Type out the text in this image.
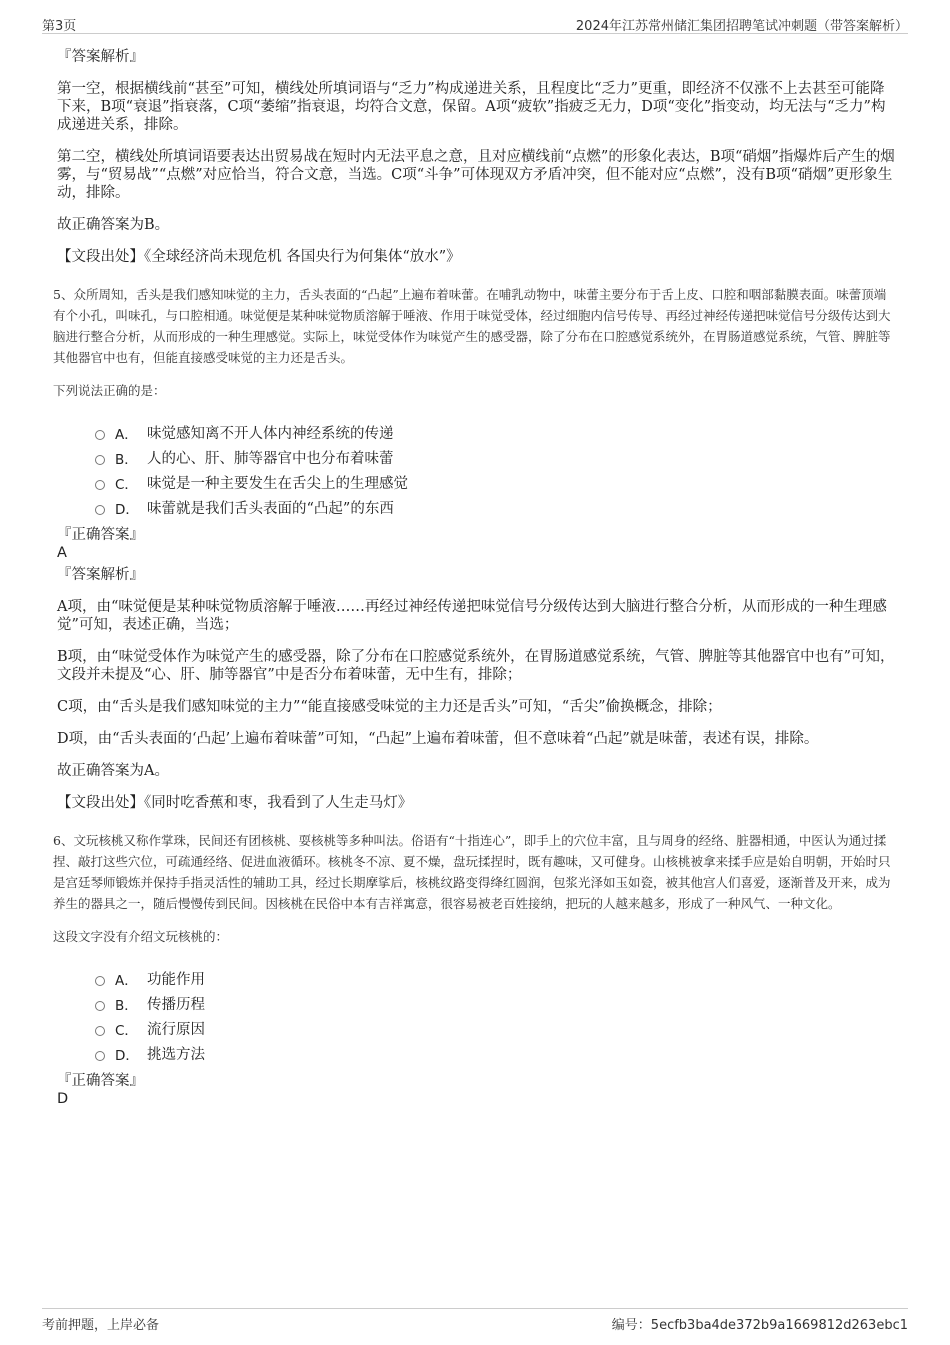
第3页	2024年江苏常州储汇集团招聘笔试冲刺题（带答案解析）

『答案解析』

第一空，根据横线前“甚至”可知，横线处所填词语与“乏力”构成递进关系，且程度比“乏力”更重，即经济不仅涨不上去甚至可能降下来，B项“衰退”指衰落，C项“萎缩”指衰退，均符合文意，保留。A项“疲软”指疲乏无力，D项“变化”指变动，均无法与“乏力”构成递进关系，排除。

第二空，横线处所填词语要表达出贸易战在短时内无法平息之意，且对应横线前“点燃”的形象化表达，B项“硝烟”指爆炸后产生的烟雾，与“贸易战”“点燃”对应恰当，符合文意，当选。C项“斗争”可体现双方矛盾冲突，但不能对应“点燃”，没有B项“硝烟”更形象生动，排除。

故正确答案为B。

【文段出处】《全球经济尚未现危机 各国央行为何集体“放水”》

5、众所周知，舌头是我们感知味觉的主力，舌头表面的“凸起”上遍布着味蕾。在哺乳动物中，味蕾主要分布于舌上皮、口腔和咽部黏膜表面。味蕾顶端有个小孔，叫味孔，与口腔相通。味觉便是某种味觉物质溶解于唾液、作用于味觉受体，经过细胞内信号传导、再经过神经传递把味觉信号分级传达到大脑进行整合分析，从而形成的一种生理感觉。实际上，味觉受体作为味觉产生的感受器，除了分布在口腔感觉系统外，在胃肠道感觉系统，气管、脾脏等其他器官中也有，但能直接感受味觉的主力还是舌头。

下列说法正确的是：

A． 味觉感知离不开人体内神经系统的传递
B． 人的心、肝、肺等器官中也分布着味蕾
C． 味觉是一种主要发生在舌尖上的生理感觉
D． 味蕾就是我们舌头表面的“凸起”的东西

『正确答案』

A

『答案解析』

A项，由“味觉便是某种味觉物质溶解于唾液……再经过神经传递把味觉信号分级传达到大脑进行整合分析，从而形成的一种生理感觉”可知，表述正确，当选；

B项，由“味觉受体作为味觉产生的感受器，除了分布在口腔感觉系统外，在胃肠道感觉系统，气管、脾脏等其他器官中也有”可知，文段并未提及“心、肝、肺等器官”中是否分布着味蕾，无中生有，排除；

C项，由“舌头是我们感知味觉的主力”“能直接感受味觉的主力还是舌头”可知，“舌尖”偷换概念，排除；

D项，由“舌头表面的‘凸起’上遍布着味蕾”可知，“凸起”上遍布着味蕾，但不意味着“凸起”就是味蕾，表述有误，排除。

故正确答案为A。

【文段出处】《同时吃香蕉和枣，我看到了人生走马灯》

6、文玩核桃又称作掌珠，民间还有团核桃、耍核桃等多种叫法。俗语有“十指连心”，即手上的穴位丰富，且与周身的经络、脏器相通，中医认为通过揉捏、敲打这些穴位，可疏通经络、促进血液循环。核桃冬不凉、夏不燥，盘玩揉捏时，既有趣味，又可健身。山核桃被拿来揉手应是始自明朝，开始时只是宫廷琴师锻炼并保持手指灵活性的辅助工具，经过长期摩挲后，核桃纹路变得绛红圆润，包浆光泽如玉如瓷，被其他宫人们喜爱，逐渐普及开来，成为养生的器具之一，随后慢慢传到民间。因核桃在民俗中本有吉祥寓意，很容易被老百姓接纳，把玩的人越来越多，形成了一种风气、一种文化。

这段文字没有介绍文玩核桃的：

A． 功能作用
B． 传播历程
C． 流行原因
D． 挑选方法

『正确答案』

D

考前押题，上岸必备	编号：5ecfb3ba4de372b9a1669812d263ebc1
